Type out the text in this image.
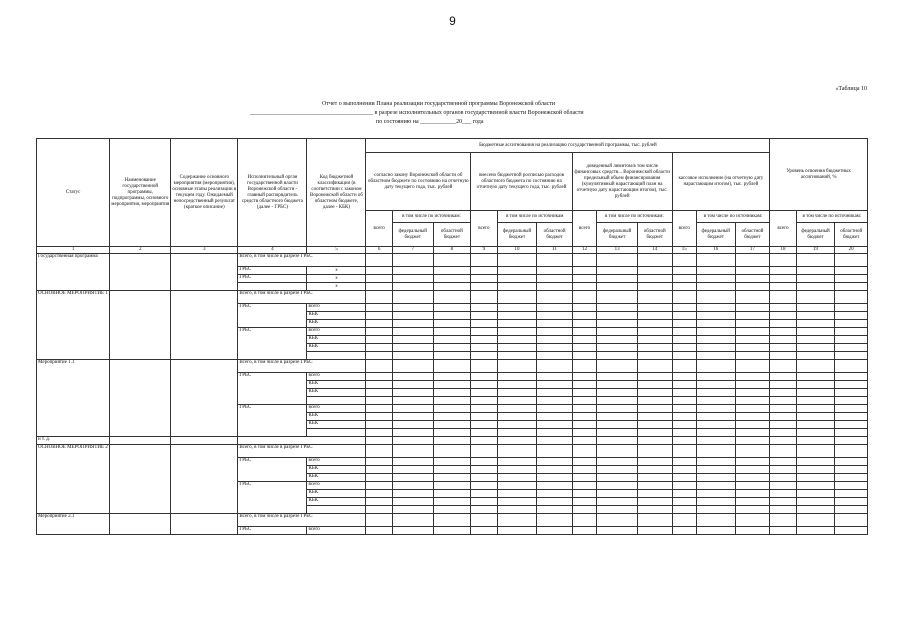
9
«Таблица 10
Отчет о выполнении Плана реализации государственной программы Воронежской области
_________________________________________ в разрезе исполнительных органов государственной власти Воронежской области
по состоянию на ____________20___ года
Статус	Наименование государственной программы, подпрограммы, основного мероприятия, мероприятия	Содержание основного мероприятия (мероприятия), основные этапы реализации в текущем году. Ожидаемый непосредственный результат (краткое описание)	Исполнительный орган государственной власти Воронежской области - главный распорядитель средств областного бюджета (далее - ГРБС)	Код бюджетной классификации (в соответствии с законом Воронежской области об областном бюджете, далее - КБК)	Бюджетные ассигнования на реализацию государственной программы, тыс. рублей												Уровень освоения бюджетных ассигнований, %		
					согласно закону Воронежской области об областном бюджете по состоянию на отчетную дату текущего года, тыс. рублей			внесено бюджетной росписью расходов областного бюджета по состоянию на отчетную дату текущего года, тыс. рублей			доведенный лимитом/в том числе финансовых средств... Воронежской области предельный объем финансирования (кумулятивный нарастающий план на отчетную дату нарастающим итогом), тыс. рублей			кассовое исполнение (на отчетную дату нарастающим итогом), тыс. рублей					
					всего	в том числе по источникам:		всего	в том числе по источникам		всего	в том числе по источникам:		всего	в том числе по источникам:		всего	в том числе по источникам:	
						федеральный бюджет	областной бюджет		федеральный бюджет	областной бюджет		федеральный бюджет	областной бюджет		федеральный бюджет	областной бюджет		федеральный бюджет	областной бюджет
1	2	3	4	5	6	7	8	9	10	11	12	13	14	15	16	17	18	19	20
Государственная программа			Всего, в том числе в разрезе ГРБС																
			ГРБС	x															
			ГРБС	x															
				x															
ОСНОВНОЕ МЕРОПРИЯТИЕ 1			Всего, в том числе в разрезе ГРБС																
			ГРБС	всего															
				КБК															
				КБК															
			ГРБС	всего															
				КБК															
				КБК															

Мероприятие 1.1			Всего, в том числе в разрезе ГРБС																
			ГРБС	всего															
				КБК															
				КБК															

			ГРБС	всего															
				КБК															
				КБК															

и т. д.																			
ОСНОВНОЕ МЕРОПРИЯТИЕ 2			Всего, в том числе в разрезе ГРБС																
			ГРБС	всего															
				КБК															
				КБК															
			ГРБС	всего															
				КБК															
				КБК															

Мероприятие 2.1			Всего, в том числе в разрезе ГРБС																
			ГРБС	всего															
